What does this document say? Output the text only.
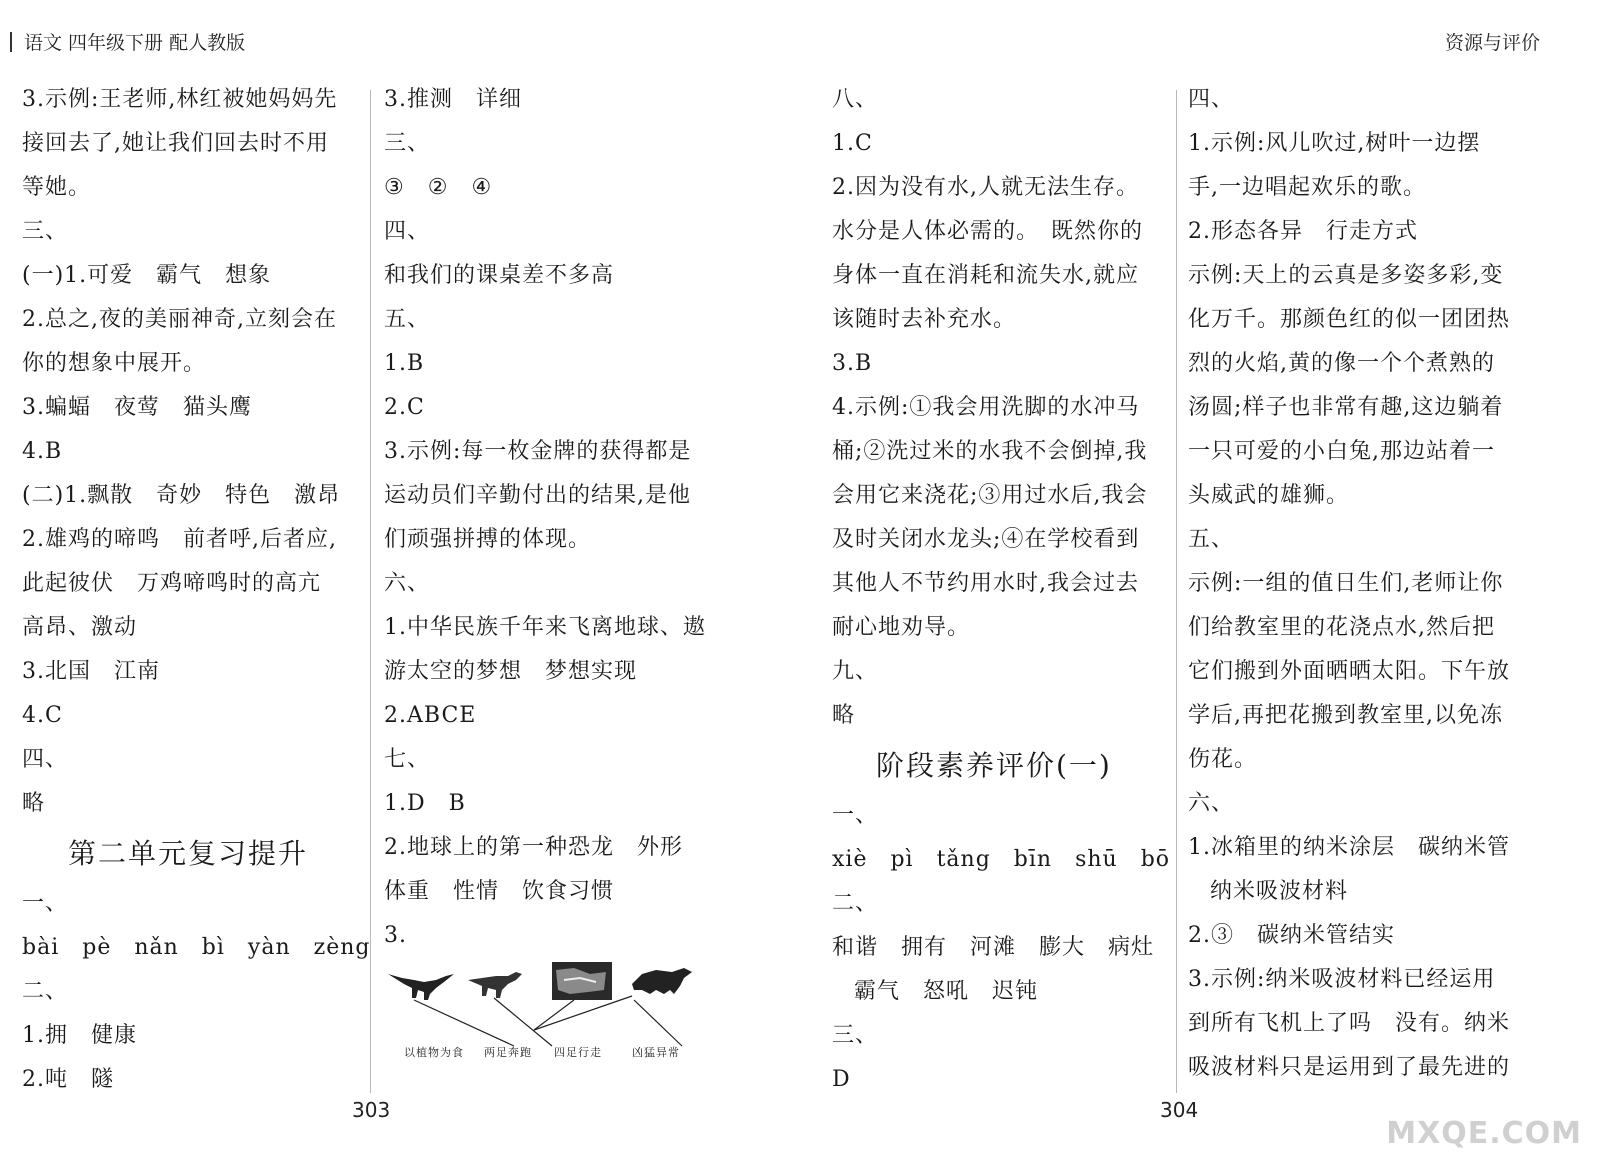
语文 四年级下册 配人教版	资源与评价
3.示例:王老师,林红被她妈妈先
接回去了,她让我们回去时不用
等她。
三、
(一)1.可爱　霸气　想象
2.总之,夜的美丽神奇,立刻会在
你的想象中展开。
3.蝙蝠　夜莺　猫头鹰
4.B
(二)1.飘散　奇妙　特色　激昂
2.雄鸡的啼鸣　前者呼,后者应,
此起彼伏　万鸡啼鸣时的高亢
高昂、激动
3.北国　江南
4.C
四、
略
第二单元复习提升
一、
bài　pè　nǎn　bì　yàn　zèng
二、
1.拥　健康
2.吨　隧
3.推测　详细
三、
③　②　④
四、
和我们的课桌差不多高
五、
1.B
2.C
3.示例:每一枚金牌的获得都是
运动员们辛勤付出的结果,是他
们顽强拼搏的体现。
六、
1.中华民族千年来飞离地球、遨
游太空的梦想　梦想实现
2.ABCE
七、
1.D　B
2.地球上的第一种恐龙　外形
体重　性情　饮食习惯
3.
以植物为食 两足奔跑 四足行走	凶猛异常
八、
1.C
2.因为没有水,人就无法生存。
水分是人体必需的。　既然你的
身体一直在消耗和流失水,就应
该随时去补充水。
3.B
4.示例:①我会用洗脚的水冲马
桶;②洗过米的水我不会倒掉,我
会用它来浇花;③用过水后,我会
及时关闭水龙头;④在学校看到
其他人不节约用水时,我会过去
耐心地劝导。
九、
略
阶段素养评价(一)
一、
xiè　pì　tǎng　bīn　shū　bō
二、
和谐　拥有　河滩　膨大　病灶
霸气　怒吼　迟钝
三、
D
四、
1.示例:风儿吹过,树叶一边摆
手,一边唱起欢乐的歌。
2.形态各异　行走方式
示例:天上的云真是多姿多彩,变
化万千。那颜色红的似一团团热
烈的火焰,黄的像一个个煮熟的
汤圆;样子也非常有趣,这边躺着
一只可爱的小白兔,那边站着一
头威武的雄狮。
五、
示例:一组的值日生们,老师让你
们给教室里的花浇点水,然后把
它们搬到外面晒晒太阳。下午放
学后,再把花搬到教室里,以免冻
伤花。
六、
1.冰箱里的纳米涂层　碳纳米管
纳米吸波材料
2.③　碳纳米管结实
3.示例:纳米吸波材料已经运用
到所有飞机上了吗　没有。纳米
吸波材料只是运用到了最先进的
303	304
MXQE.COM
